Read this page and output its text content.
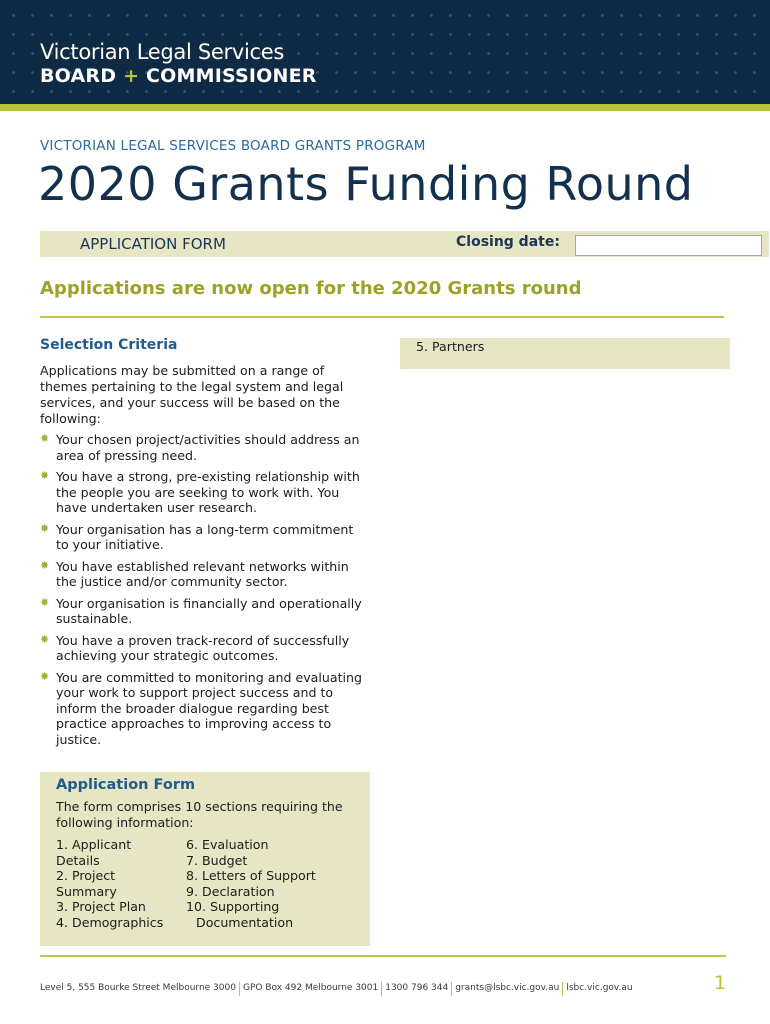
Victorian Legal Services
BOARD + COMMISSIONER
VICTORIAN LEGAL SERVICES BOARD GRANTS PROGRAM
2020 Grants Funding Round
APPLICATION FORM	Closing date:
Applications are now open for the 2020 Grants round
Selection Criteria
Applications may be submitted on a range of themes pertaining to the legal system and legal services, and your success will be based on the following:
✸ Your chosen project/activities should address an area of pressing need.
✸ You have a strong, pre-existing relationship with the people you are seeking to work with. You have undertaken user research.
✸ Your organisation has a long-term commitment to your initiative.
✸ You have established relevant networks within the justice and/or community sector.
✸ Your organisation is financially and operationally sustainable.
✸ You have a proven track-record of successfully achieving your strategic outcomes.
✸ You are committed to monitoring and evaluating your work to support project success and to inform the broader dialogue regarding best practice approaches to improving access to justice.
Application Form
The form comprises 10 sections requiring the following information:
1. Applicant Details
2. Project Summary
3. Project Plan
4. Demographics
6. Evaluation
7. Budget
8. Letters of Support
9. Declaration
10. Supporting
Documentation
5. Partners
Level 5, 555 Bourke Street Melbourne 3000 GPO Box 492 Melbourne 3001 1300 796 344 grants@lsbc.vic.gov.au lsbc.vic.gov.au	1
